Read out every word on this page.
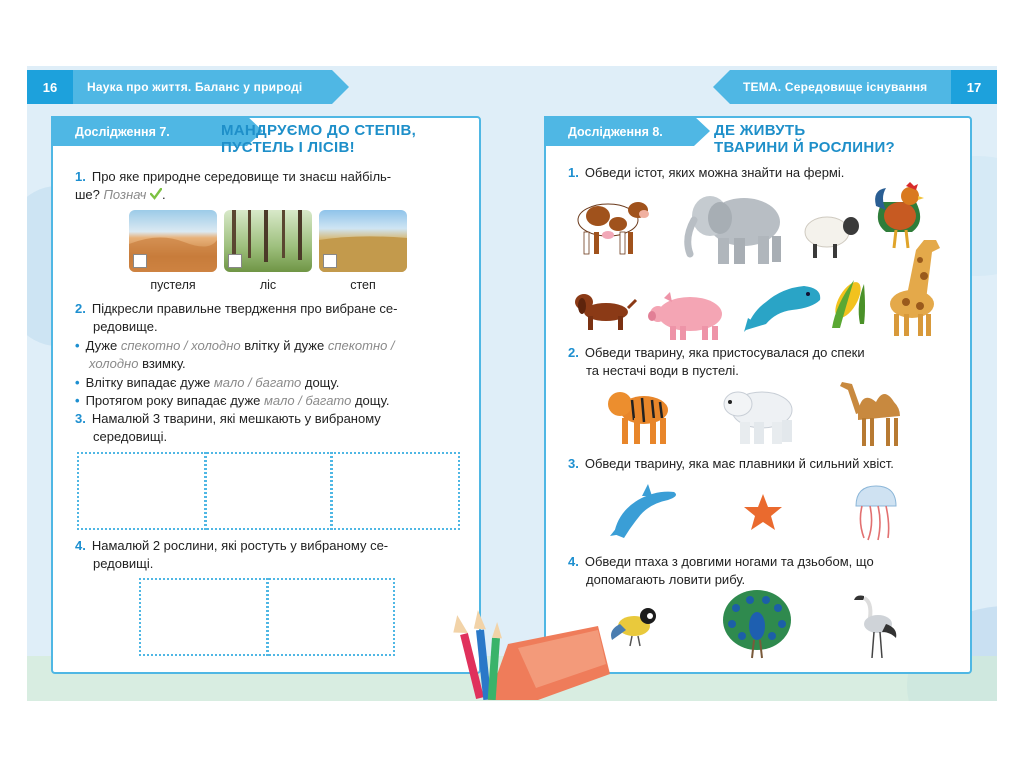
16	Наука про життя. Баланс у природі	ТЕМА. Середовище існування	17
Дослідження 7.	МАНДРУЄМО ДО СТЕПІВ,
ПУСТЕЛЬ І ЛІСІВ!
1. Про яке природне середовище ти знаєш найбіль-
ше? Познач .
пустеля	ліс	степ
2. Підкресли правильне твердження про вибране се-
редовище.
• Дуже спекотно / холодно влітку й дуже спекотно /
холодно взимку.
• Влітку випадає дуже мало / багато дощу.
• Протягом року випадає дуже мало / багато дощу.
3. Намалюй 3 тварини, які мешкають у вибраному
середовищі.
4. Намалюй 2 рослини, які ростуть у вибраному се-
редовищі.
Дослідження 8.	ДЕ ЖИВУТЬ
ТВАРИНИ Й РОСЛИНИ?
1. Обведи істот, яких можна знайти на фермі.
2. Обведи тварину, яка пристосувалася до спеки
та нестачі води в пустелі.
3. Обведи тварину, яка має плавники й сильний хвіст.
4. Обведи птаха з довгими ногами та дзьобом, що
допомагають ловити рибу.
